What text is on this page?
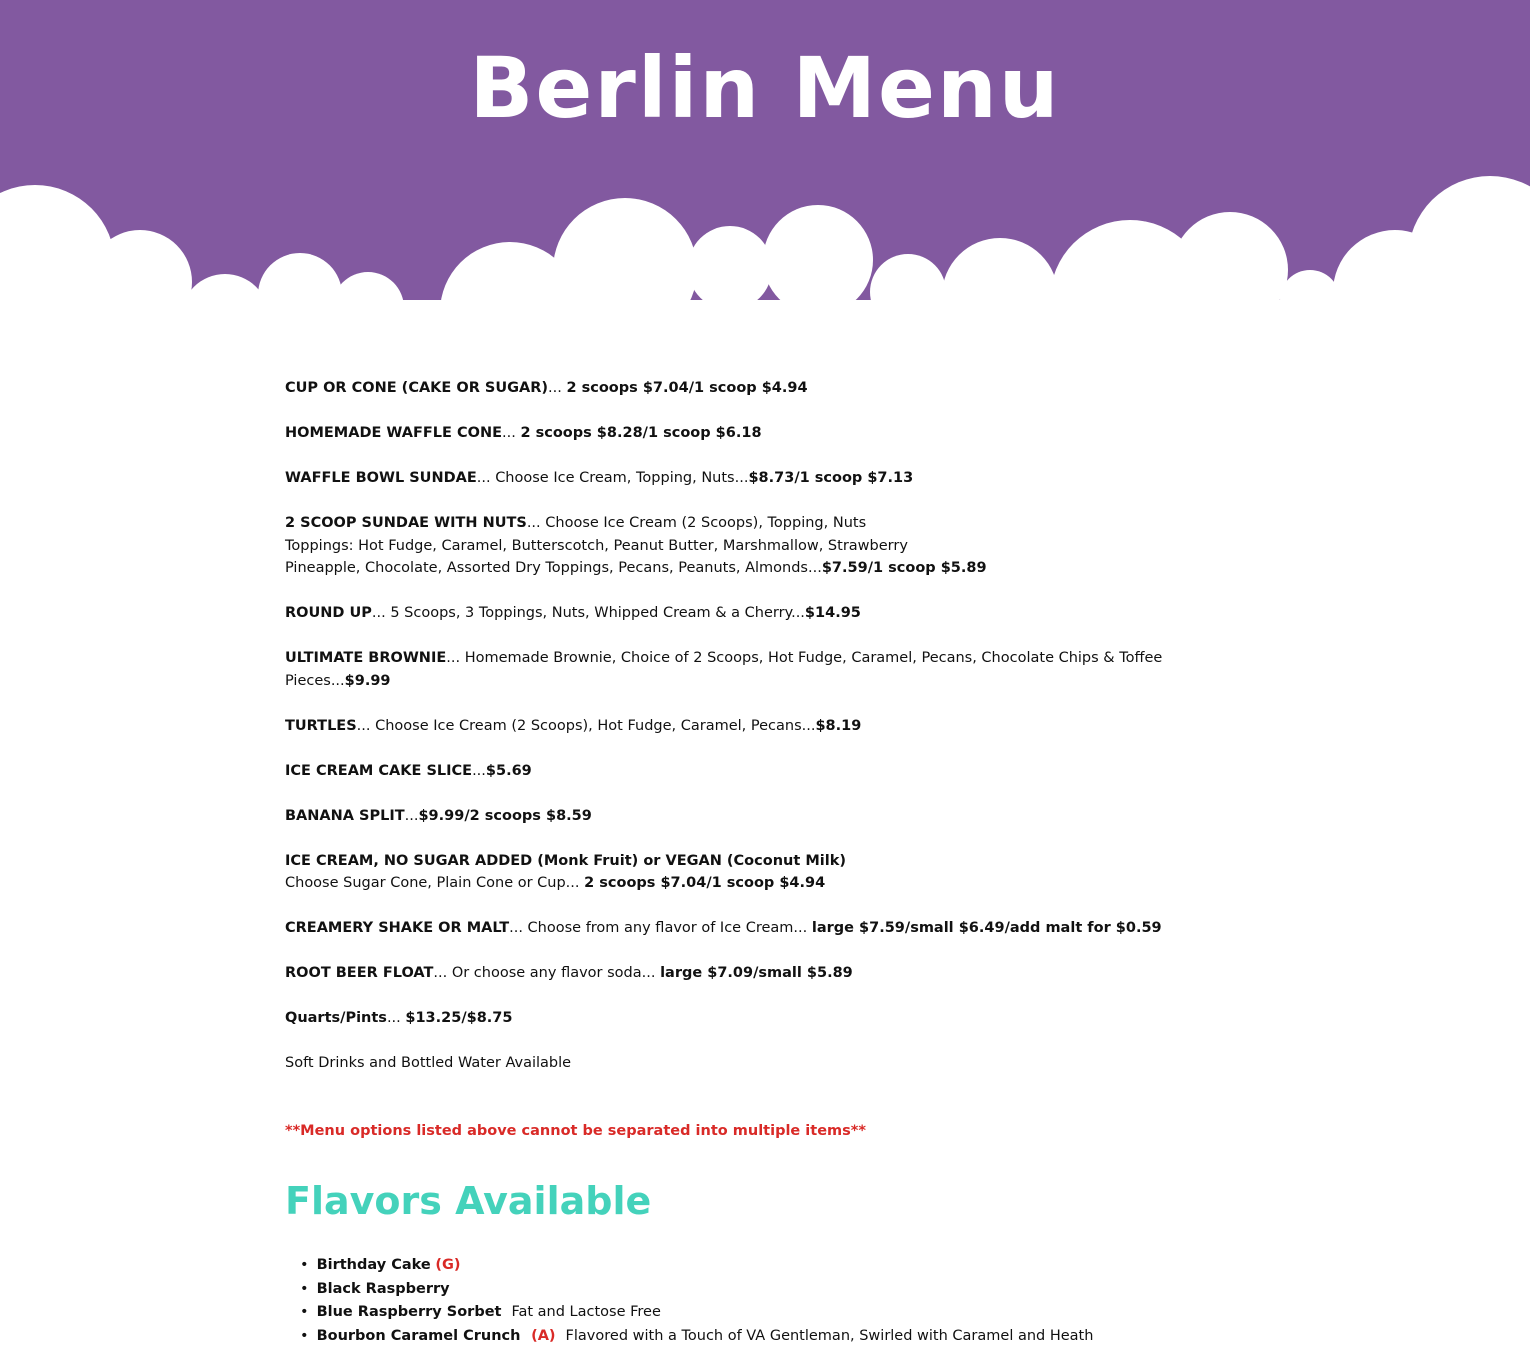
Berlin Menu

CUP OR CONE (CAKE OR SUGAR)... 2 scoops $7.04/1 scoop $4.94

HOMEMADE WAFFLE CONE... 2 scoops $8.28/1 scoop $6.18

WAFFLE BOWL SUNDAE... Choose Ice Cream, Topping, Nuts...$8.73/1 scoop $7.13

2 SCOOP SUNDAE WITH NUTS... Choose Ice Cream (2 Scoops), Topping, Nuts
Toppings: Hot Fudge, Caramel, Butterscotch, Peanut Butter, Marshmallow, Strawberry
Pineapple, Chocolate, Assorted Dry Toppings, Pecans, Peanuts, Almonds...$7.59/1 scoop $5.89

ROUND UP... 5 Scoops, 3 Toppings, Nuts, Whipped Cream & a Cherry...$14.95

ULTIMATE BROWNIE... Homemade Brownie, Choice of 2 Scoops, Hot Fudge, Caramel, Pecans, Chocolate Chips & Toffee Pieces...$9.99

TURTLES... Choose Ice Cream (2 Scoops), Hot Fudge, Caramel, Pecans...$8.19

ICE CREAM CAKE SLICE...$5.69

BANANA SPLIT...$9.99/2 scoops $8.59

ICE CREAM, NO SUGAR ADDED (Monk Fruit) or VEGAN (Coconut Milk)
Choose Sugar Cone, Plain Cone or Cup... 2 scoops $7.04/1 scoop $4.94

CREAMERY SHAKE OR MALT... Choose from any flavor of Ice Cream... large $7.59/small $6.49/add malt for $0.59

ROOT BEER FLOAT... Or choose any flavor soda... large $7.09/small $5.89

Quarts/Pints... $13.25/$8.75

Soft Drinks and Bottled Water Available

**Menu options listed above cannot be separated into multiple items**

Flavors Available
• Birthday Cake (G)
• Black Raspberry
• Blue Raspberry Sorbet Fat and Lactose Free
• Bourbon Caramel Crunch (A) Flavored with a Touch of VA Gentleman, Swirled with Caramel and Heath
